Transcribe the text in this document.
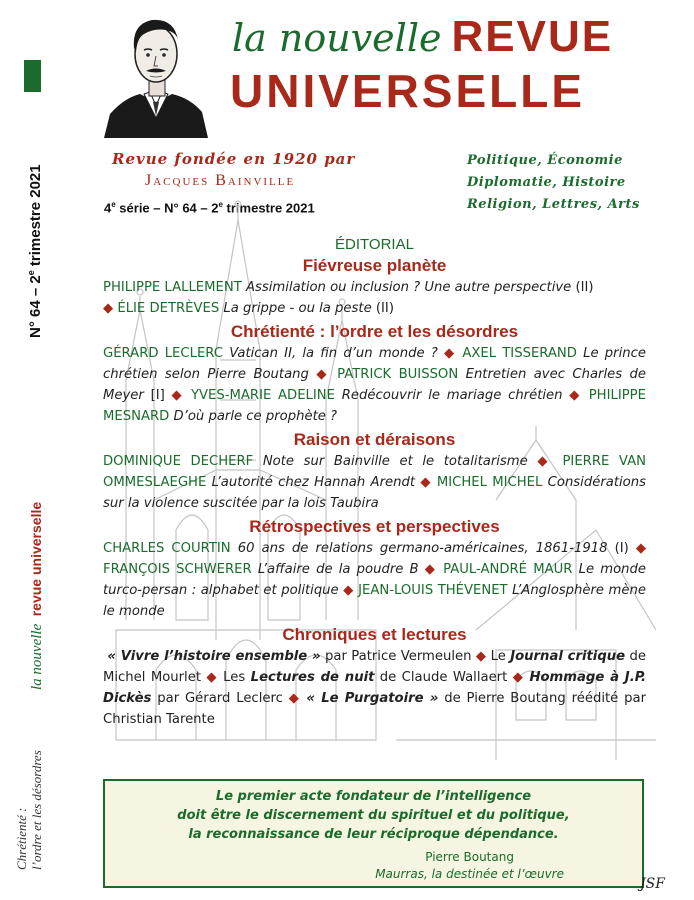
N° 64 – 2e trimestre 2021
la nouvelle  revue universelle
Chrétienté : l’ordre et les désordres
la nouvelle REVUE
UNIVERSELLE
Revue fondée en 1920 par
Jacques Bainville
4e série – N° 64 – 2e trimestre 2021
Politique, Économie
Diplomatie, Histoire
Religion, Lettres, Arts
ÉDITORIAL
Fiévreuse planète
PHILIPPE LALLEMENT Assimilation ou inclusion ? Une autre perspective (II)
◆ ÉLIE DETRÈVES La grippe - ou la peste (II)
Chrétienté : l’ordre et les désordres
GÉRARD LECLERC Vatican II, la fin d’un monde ? ◆ AXEL TISSERAND Le prince chrétien selon Pierre Boutang ◆ PATRICK BUISSON Entretien avec Charles de Meyer [I] ◆ YVES-MARIE ADELINE Redécouvrir le mariage chrétien ◆ PHILIPPE MESNARD D’où parle ce prophète ?
Raison et déraisons
DOMINIQUE DECHERF Note sur Bainville et le totalitarisme ◆ PIERRE VAN OMMESLAEGHE L’autorité chez Hannah Arendt ◆ MICHEL MICHEL Considérations sur la violence suscitée par la lois Taubira
Rétrospectives et perspectives
CHARLES COURTIN 60 ans de relations germano-américaines, 1861-1918 (I) ◆ FRANÇOIS SCHWERER L’affaire de la poudre B ◆ PAUL-ANDRÉ MAUR Le monde turco-persan : alphabet et politique ◆ JEAN-LOUIS THÉVENET L’Anglosphère mène le monde
Chroniques et lectures
« Vivre l’histoire ensemble » par Patrice Vermeulen ◆ Le Journal critique de Michel Mourlet ◆ Les Lectures de nuit de Claude Wallaert ◆ Hommage à J.P. Dickès par Gérard Leclerc ◆ « Le Purgatoire » de Pierre Boutang réédité par Christian Tarente
Le premier acte fondateur de l’intelligence
doit être le discernement du spirituel et du politique,
la reconnaissance de leur réciproque dépendance.
Pierre Boutang
Maurras, la destinée et l’œuvre
JSF
